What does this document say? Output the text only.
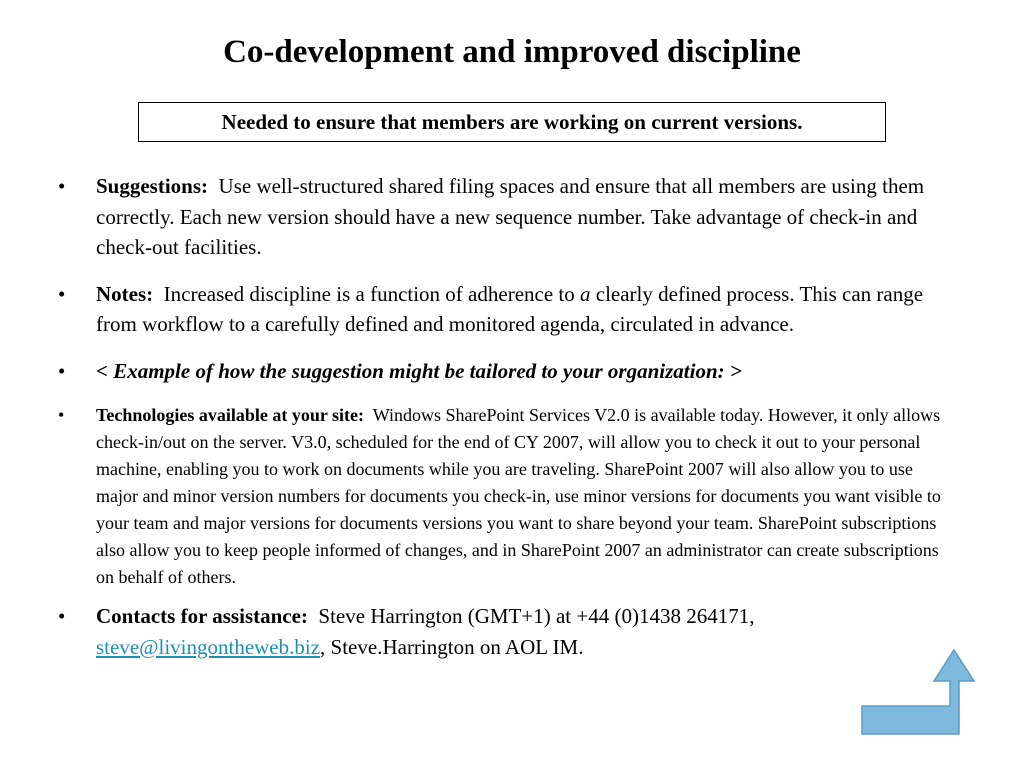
Co-development and improved discipline
Needed to ensure that members are working on current versions.
• Suggestions: Use well-structured shared filing spaces and ensure that all members are using them correctly. Each new version should have a new sequence number. Take advantage of check-in and check-out facilities.
• Notes: Increased discipline is a function of adherence to a clearly defined process. This can range from workflow to a carefully defined and monitored agenda, circulated in advance.
• < Example of how the suggestion might be tailored to your organization: >
• Technologies available at your site: Windows SharePoint Services V2.0 is available today. However, it only allows check-in/out on the server. V3.0, scheduled for the end of CY 2007, will allow you to check it out to your personal machine, enabling you to work on documents while you are traveling. SharePoint 2007 will also allow you to use major and minor version numbers for documents you check-in, use minor versions for documents you want visible to your team and major versions for documents versions you want to share beyond your team. SharePoint subscriptions also allow you to keep people informed of changes, and in SharePoint 2007 an administrator can create subscriptions on behalf of others.
• Contacts for assistance: Steve Harrington (GMT+1) at +44 (0)1438 264171, steve@livingontheweb.biz, Steve.Harrington on AOL IM.
